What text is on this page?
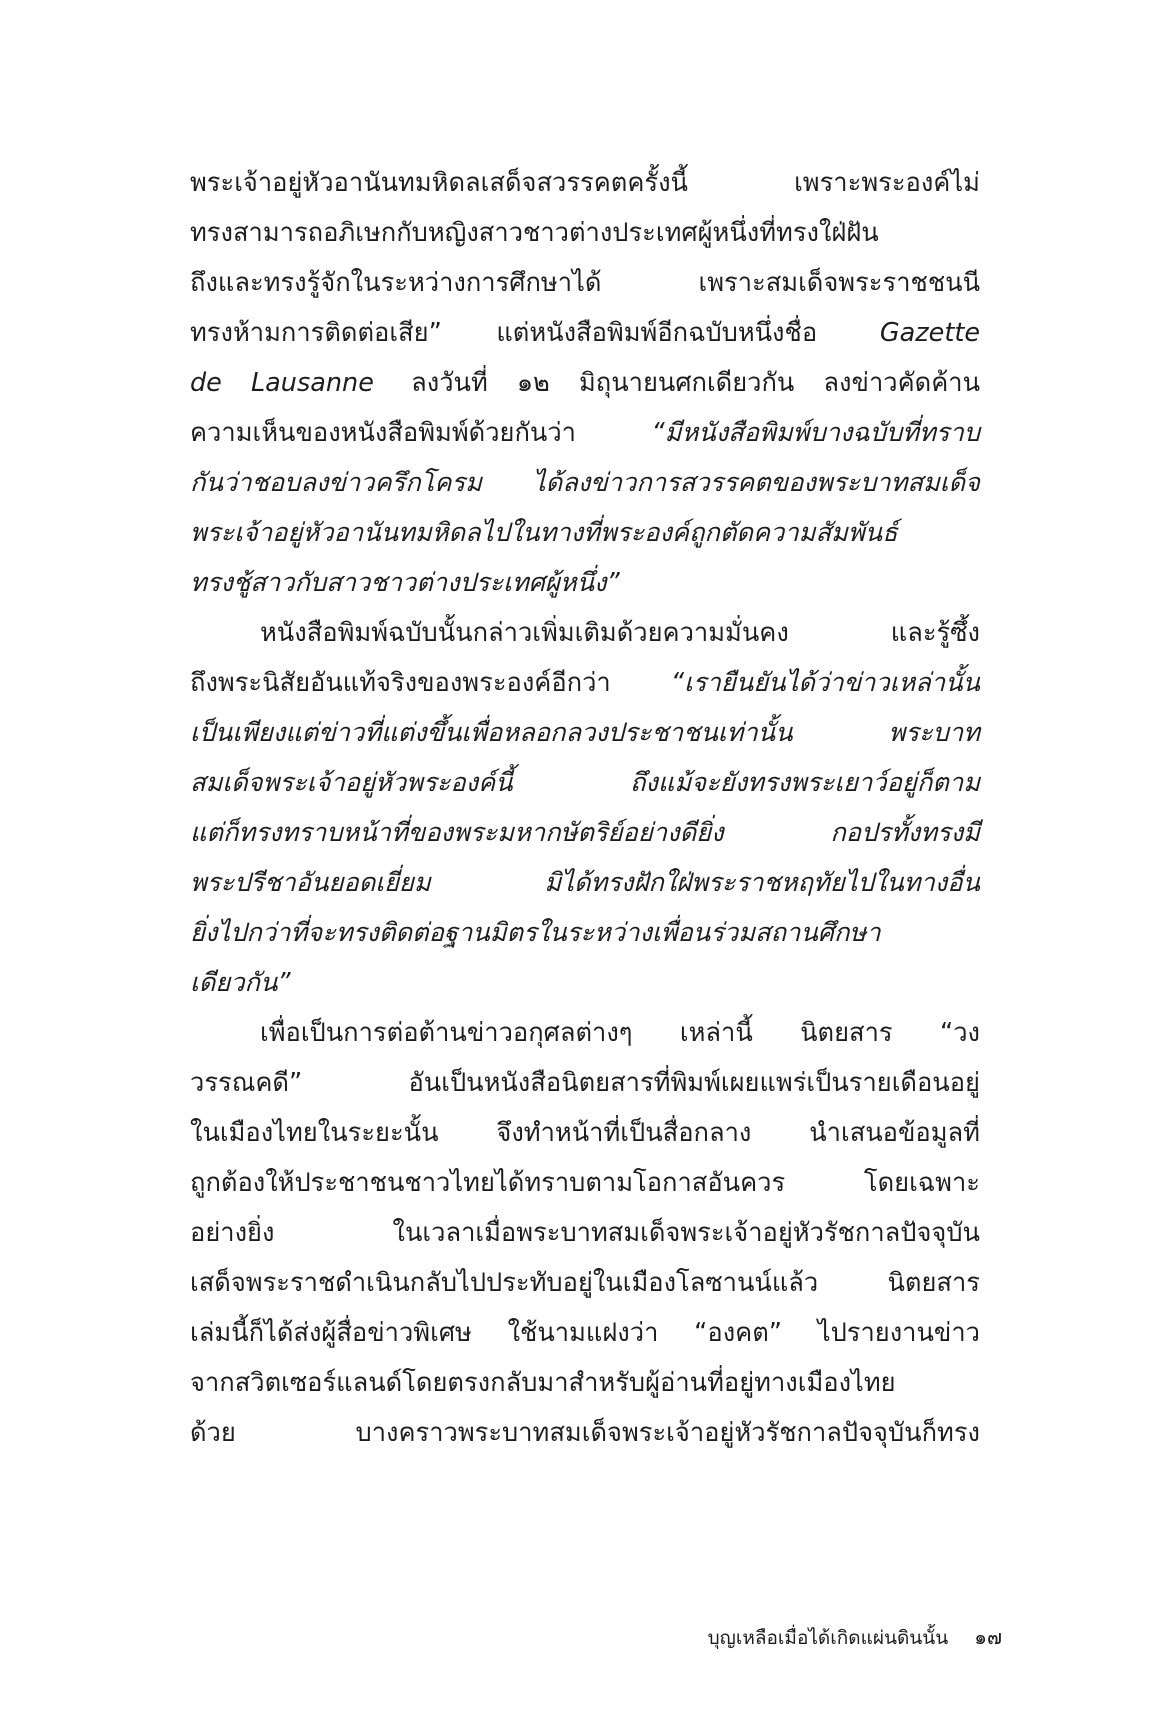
พระเจ้าอยู่หัวอานันทมหิดลเสด็จสวรรคตครั้งนี้ เพราะพระองค์ไม่
ทรงสามารถอภิเษกกับหญิงสาวชาวต่างประเทศผู้หนึ่งที่ทรงใฝ่ฝัน
ถึงและทรงรู้จักในระหว่างการศึกษาได้ เพราะสมเด็จพระราชชนนี
ทรงห้ามการติดต่อเสีย” แต่หนังสือพิมพ์อีกฉบับหนึ่งชื่อ Gazette
de Lausanne ลงวันที่ ๑๒ มิถุนายนศกเดียวกัน ลงข่าวคัดค้าน
ความเห็นของหนังสือพิมพ์ด้วยกันว่า	“มีหนังสือพิมพ์บางฉบับที่ทราบ
กันว่าชอบลงข่าวครึกโครม ได้ลงข่าวการสวรรคตของพระบาทสมเด็จ
พระเจ้าอยู่หัวอานันทมหิดลไปในทางที่พระองค์ถูกตัดความสัมพันธ์
ทรงชู้สาวกับสาวชาวต่างประเทศผู้หนึ่ง”
หนังสือพิมพ์ฉบับนั้นกล่าวเพิ่มเติมด้วยความมั่นคง และรู้ซึ้ง
ถึงพระนิสัยอันแท้จริงของพระองค์อีกว่า “เรายืนยันได้ว่าข่าวเหล่านั้น
เป็นเพียงแต่ข่าวที่แต่งขึ้นเพื่อหลอกลวงประชาชนเท่านั้น พระบาท
สมเด็จพระเจ้าอยู่หัวพระองค์นี้ ถึงแม้จะยังทรงพระเยาว์อยู่ก็ตาม
แต่ก็ทรงทราบหน้าที่ของพระมหากษัตริย์อย่างดียิ่ง กอปรทั้งทรงมี
พระปรีชาอันยอดเยี่ยม มิได้ทรงฝักใฝ่พระราชหฤทัยไปในทางอื่น
ยิ่งไปกว่าที่จะทรงติดต่อฐานมิตรในระหว่างเพื่อนร่วมสถานศึกษา
เดียวกัน”
เพื่อเป็นการต่อต้านข่าวอกุศลต่างๆ เหล่านี้ นิตยสาร “วง
วรรณคดี” อันเป็นหนังสือนิตยสารที่พิมพ์เผยแพร่เป็นรายเดือนอยู่
ในเมืองไทยในระยะนั้น จึงทำหน้าที่เป็นสื่อกลาง นำเสนอข้อมูลที่
ถูกต้องให้ประชาชนชาวไทยได้ทราบตามโอกาสอันควร โดยเฉพาะ
อย่างยิ่ง ในเวลาเมื่อพระบาทสมเด็จพระเจ้าอยู่หัวรัชกาลปัจจุบัน
เสด็จพระราชดำเนินกลับไปประทับอยู่ในเมืองโลซานน์แล้ว นิตยสาร
เล่มนี้ก็ได้ส่งผู้สื่อข่าวพิเศษ ใช้นามแฝงว่า “องคต” ไปรายงานข่าว
จากสวิตเซอร์แลนด์โดยตรงกลับมาสำหรับผู้อ่านที่อยู่ทางเมืองไทย
ด้วย บางคราวพระบาทสมเด็จพระเจ้าอยู่หัวรัชกาลปัจจุบันก็ทรง
บุญเหลือเมื่อได้เกิดแผ่นดินนั้น ๑๗
